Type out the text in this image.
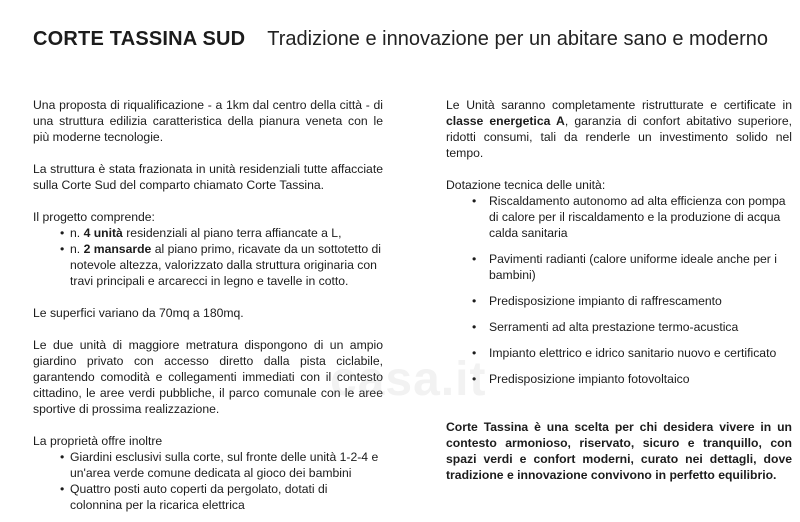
CORTE TASSINA SUD Tradizione e innovazione per un abitare sano e moderno

Una proposta di riqualificazione - a 1km dal centro della città - di una struttura edilizia caratteristica della pianura veneta con le più moderne tecnologie.

La struttura è stata frazionata in unità residenziali tutte affacciate sulla Corte Sud del comparto chiamato Corte Tassina.

Il progetto comprende:

• n. 4 unità residenziali al piano terra affiancate a L,
• n. 2 mansarde al piano primo, ricavate da un sottotetto di notevole altezza, valorizzato dalla struttura originaria con travi principali e arcarecci in legno e tavelle in cotto.

Le superfici variano da 70mq a 180mq.

Le due unità di maggiore metratura dispongono di un ampio giardino privato con accesso diretto dalla pista ciclabile, garantendo comodità e collegamenti immediati con il contesto cittadino, le aree verdi pubbliche, il parco comunale con le aree sportive di prossima realizzazione.

La proprietà offre inoltre

• Giardini esclusivi sulla corte, sul fronte delle unità 1-2-4 e un'area verde comune dedicata al gioco dei bambini
• Quattro posti auto coperti da pergolato, dotati di colonnina per la ricarica elettrica

Le Unità saranno completamente ristrutturate e certificate in classe energetica A, garanzia di confort abitativo superiore, ridotti consumi, tali da renderle un investimento solido nel tempo.

Dotazione tecnica delle unità:

• Riscaldamento autonomo ad alta efficienza con pompa di calore per il riscaldamento e la produzione di acqua calda sanitaria
• Pavimenti radianti (calore uniforme ideale anche per i bambini)
• Predisposizione impianto di raffrescamento
• Serramenti ad alta prestazione termo-acustica
• Impianto elettrico e idrico sanitario nuovo e certificato
• Predisposizione impianto fotovoltaico

Corte Tassina è una scelta per chi desidera vivere in un contesto armonioso, riservato, sicuro e tranquillo, con spazi verdi e confort moderni, curato nei dettagli, dove tradizione e innovazione convivono in perfetto equilibrio.

casa.it
